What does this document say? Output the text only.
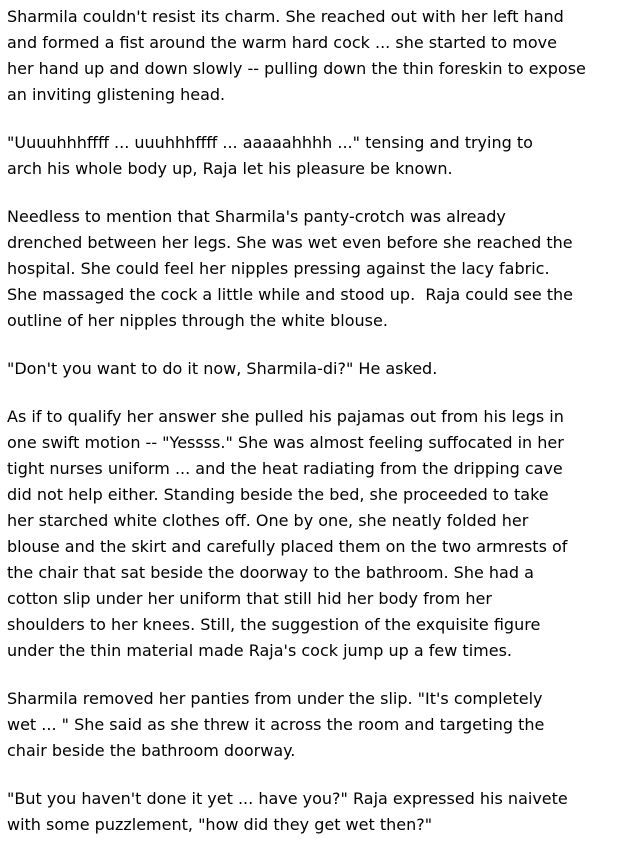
Sharmila couldn't resist its charm. She reached out with her left hand
and formed a fist around the warm hard cock ... she started to move
her hand up and down slowly -- pulling down the thin foreskin to expose
an inviting glistening head.

"Uuuuhhhffff ... uuuhhhffff ... aaaaahhhh ..." tensing and trying to
arch his whole body up, Raja let his pleasure be known.

Needless to mention that Sharmila's panty-crotch was already
drenched between her legs. She was wet even before she reached the
hospital. She could feel her nipples pressing against the lacy fabric.
She massaged the cock a little while and stood up.  Raja could see the
outline of her nipples through the white blouse.

"Don't you want to do it now, Sharmila-di?" He asked.

As if to qualify her answer she pulled his pajamas out from his legs in
one swift motion -- "Yessss." She was almost feeling suffocated in her
tight nurses uniform ... and the heat radiating from the dripping cave
did not help either. Standing beside the bed, she proceeded to take
her starched white clothes off. One by one, she neatly folded her
blouse and the skirt and carefully placed them on the two armrests of
the chair that sat beside the doorway to the bathroom. She had a
cotton slip under her uniform that still hid her body from her
shoulders to her knees. Still, the suggestion of the exquisite figure
under the thin material made Raja's cock jump up a few times.

Sharmila removed her panties from under the slip. "It's completely
wet ... " She said as she threw it across the room and targeting the
chair beside the bathroom doorway.

"But you haven't done it yet ... have you?" Raja expressed his naivete
with some puzzlement, "how did they get wet then?"
